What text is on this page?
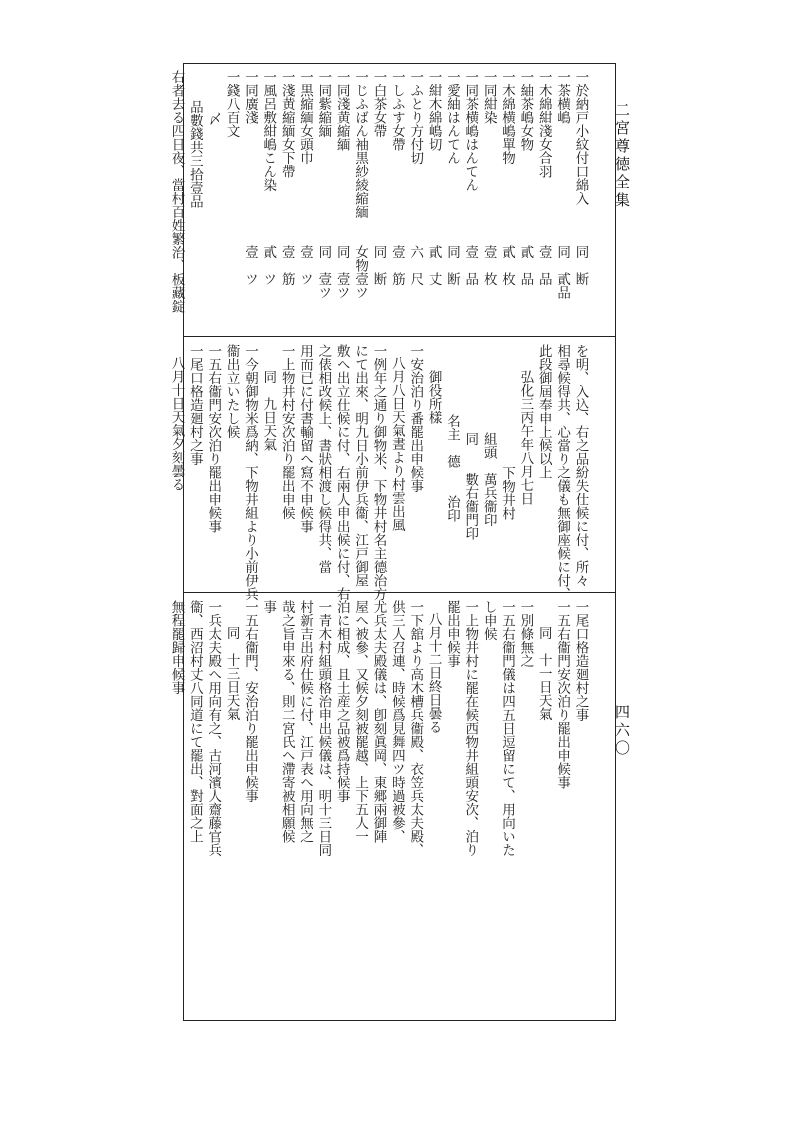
二宮尊徳全集
四六〇
一於納戸小紋付口綿入
同　断
一茶横嶋
同　貳品
一木綿紺淺女合羽
壹　品
一紬茶嶋女物
貳　品
一木綿横嶋單物
貳　枚
一同紺染
壹　枚
一同茶横嶋はんてん
壹　品
一愛紬はんてん
同　断
一紺木綿嶋切
貳　丈
一ふとり方付切
六　尺
一しふす女帶
壹　筋
一白茶女帶
同　断
一じふばん袖黒紗綾縮緬
女物壹ツ
一同淺黄縮緬
同　壹ツ
一同紫縮緬
同　壹ツ
一黒縮緬女頭巾
壹　ツ
一淺黄縮緬女下帶
壹　筋
一風呂敷紺嶋こん染
貳　ツ
一同廣淺
壹　ツ
一錢八百文
〆
品數錢共三拾壹品
右者去る四日夜、當村百姓繁治、板藏錠
を明、入込、右之品紛失仕候に付、所々
相尋候得共、心當り之儀も無御座候に付、
此段御屆奉申上候以上
弘化三丙午年八月七日
下物井村
組頭　萬兵衞印
同　　數右衞門印
名主　德　　治印
御役所樣
一安治泊り番罷出申候事
八月八日天氣晝より村雲出風
一例年之通り御物米、下物井村名主德治方
にて出來、明九日小前伊兵衞、江戸御屋
敷へ出立仕候に付、右兩人申出候に付、右
之俵相改候上、書狀相渡し候得共、當
用而已に付書輸留へ寫不申候事
一上物井村安次泊り罷出申候
同　九日天氣
一今朝御物米爲納、下物井組より小前伊兵
衞出立いたし候
一五右衞門安次泊り罷出申候事
一尾口格造廻村之事
八月十日天氣夕刻曇る
一尾口格造廻村之事
一五右衞門安次泊り罷出申候事
同　十一日天氣
一別條無之
一五右衞門儀は四五日逗留にて、用向いた
し申候
一上物井村に罷在候西物井組頭安次、泊り
罷出申候事
八月十二日終日曇る
一下舘より高木槽兵衞殿、衣笠兵太夫殿、
供三人召連、時候爲見舞四ツ時過被參、
尤兵太夫殿儀は、卽刻眞岡、東郷兩御陣
屋へ被參、又候夕刻被罷越、上下五人一
泊に相成、且土産之品被爲持候事
一青木村組頭格治申出候儀は、明十三日同
村新吉出府仕候に付、江戸表へ用向無之
哉之旨申來る、則二宮氏へ滯寄被相願候
事
一五右衞門、安治泊り罷出申候事
同　十三日天氣
一兵太夫殿へ用向有之、古河濱人齋藤官兵
衞、西沼村丈八同道にて罷出、對面之上
無程罷歸申候事
